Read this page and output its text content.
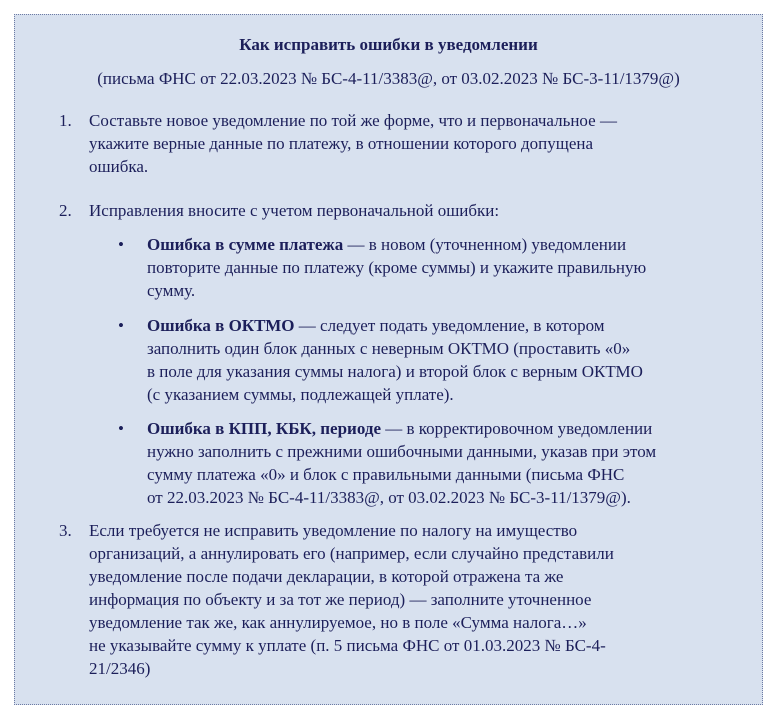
Как исправить ошибки в уведомлении
(письма ФНС от 22.03.2023 № БС-4-11/3383@, от 03.02.2023 № БС-3-11/1379@)
1. Составьте новое уведомление по той же форме, что и первоначальное —
укажите верные данные по платежу, в отношении которого допущена
ошибка.
2. Исправления вносите с учетом первоначальной ошибки:
• Ошибка в сумме платежа — в новом (уточненном) уведомлении
повторите данные по платежу (кроме суммы) и укажите правильную
сумму.
• Ошибка в ОКТМО — следует подать уведомление, в котором
заполнить один блок данных с неверным ОКТМО (проставить «0»
в поле для указания суммы налога) и второй блок с верным ОКТМО
(с указанием суммы, подлежащей уплате).
• Ошибка в КПП, КБК, периоде — в корректировочном уведомлении
нужно заполнить с прежними ошибочными данными, указав при этом
сумму платежа «0» и блок с правильными данными (письма ФНС
от 22.03.2023 № БС-4-11/3383@, от 03.02.2023 № БС-3-11/1379@).
3. Если требуется не исправить уведомление по налогу на имущество
организаций, а аннулировать его (например, если случайно представили
уведомление после подачи декларации, в которой отражена та же
информация по объекту и за тот же период) — заполните уточненное
уведомление так же, как аннулируемое, но в поле «Сумма налога…»
не указывайте сумму к уплате (п. 5 письма ФНС от 01.03.2023 № БС-4-
21/2346)
